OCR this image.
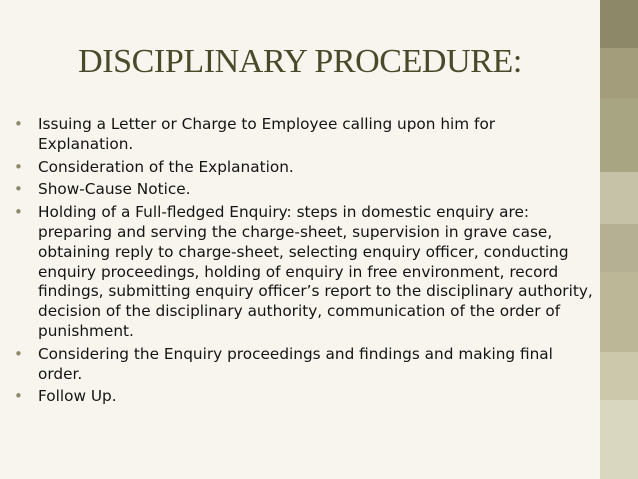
DISCIPLINARY PROCEDURE:
• Issuing a Letter or Charge to Employee calling upon him for Explanation.
• Consideration of the Explanation.
• Show-Cause Notice.
• Holding of a Full-fledged Enquiry: steps in domestic enquiry are: preparing and serving the charge-sheet, supervision in grave case, obtaining reply to charge-sheet, selecting enquiry officer, conducting enquiry proceedings, holding of enquiry in free environment, record findings, submitting enquiry officer’s report to the disciplinary authority, decision of the disciplinary authority, communication of the order of punishment.
• Considering the Enquiry proceedings and findings and making final order.
• Follow Up.
